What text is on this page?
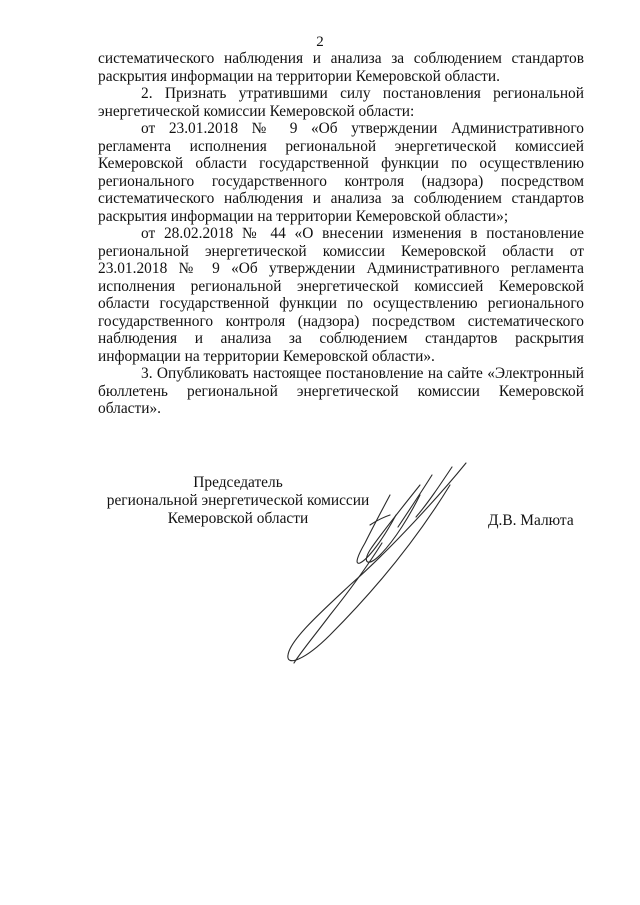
2

систематического наблюдения и анализа за соблюдением стандартов раскрытия информации на территории Кемеровской области.

2. Признать утратившими силу постановления региональной энергетической комиссии Кемеровской области:

от 23.01.2018 № 9 «Об утверждении Административного регламента исполнения региональной энергетической комиссией Кемеровской области государственной функции по осуществлению регионального государственного контроля (надзора) посредством систематического наблюдения и анализа за соблюдением стандартов раскрытия информации на территории Кемеровской области»;

от 28.02.2018 № 44 «О внесении изменения в постановление региональной энергетической комиссии Кемеровской области от 23.01.2018 № 9 «Об утверждении Административного регламента исполнения региональной энергетической комиссией Кемеровской области государственной функции по осуществлению регионального государственного контроля (надзора) посредством систематического наблюдения и анализа за соблюдением стандартов раскрытия информации на территории Кемеровской области».

3. Опубликовать настоящее постановление на сайте «Электронный бюллетень региональной энергетической комиссии Кемеровской области».

Председатель
региональной энергетической комиссии
Кемеровской области	Д.В. Малюта
